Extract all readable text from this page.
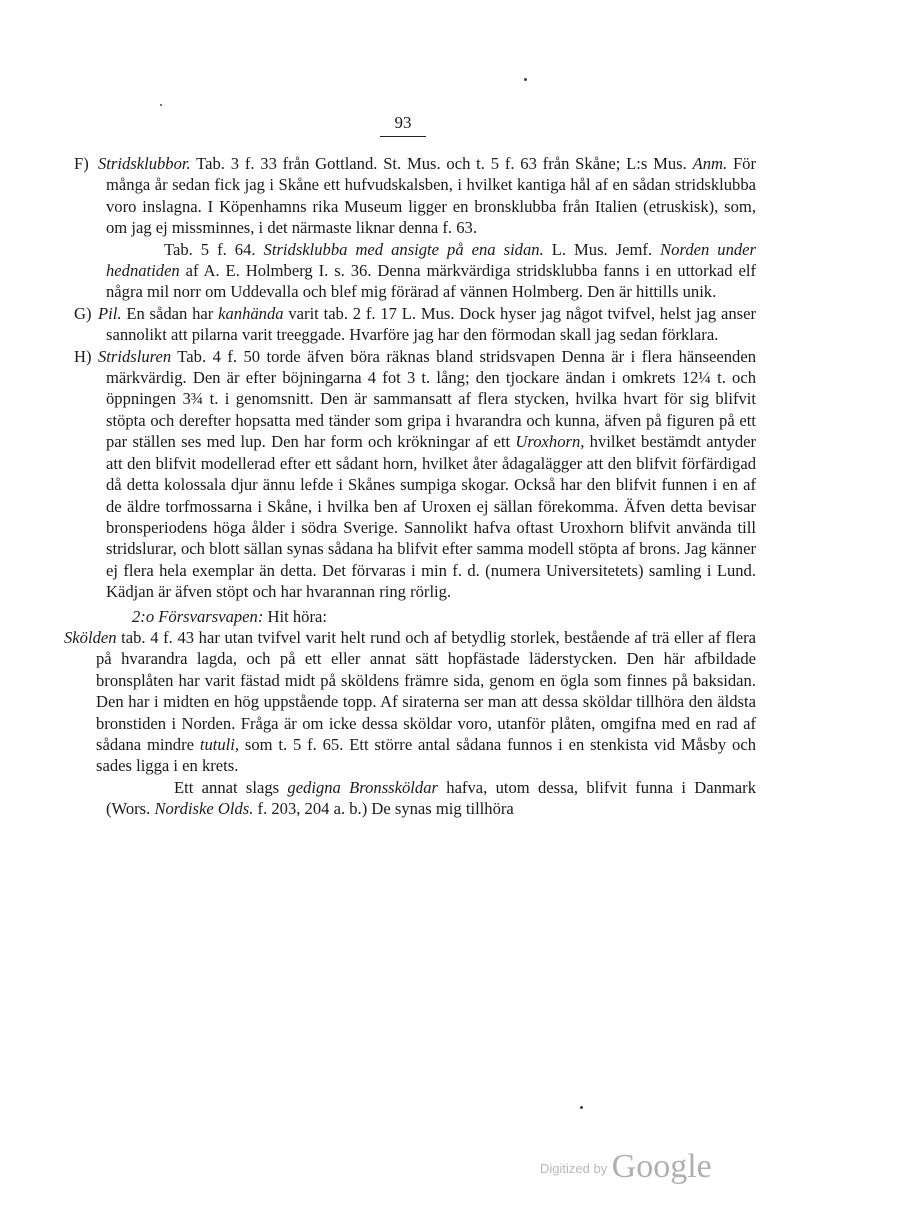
93

F) Stridsklubbor. Tab. 3 f. 33 från Gottland. St. Mus. och t. 5 f. 63 från Skåne; L:s Mus. Anm. För många år sedan fick jag i Skåne ett hufvudskalsben, i hvilket kantiga hål af en sådan stridsklubba voro inslagna. I Köpenhamns rika Museum ligger en bronsklubba från Italien (etruskisk), som, om jag ej missminnes, i det närmaste liknar denna f. 63.

Tab. 5 f. 64. Stridsklubba med ansigte på ena sidan. L. Mus. Jemf. Norden under hednatiden af A. E. Holmberg I. s. 36. Denna märkvärdiga stridsklubba fanns i en uttorkad elf några mil norr om Uddevalla och blef mig förärad af vännen Holmberg. Den är hittills unik.

G) Pil. En sådan har kanhända varit tab. 2 f. 17 L. Mus. Dock hyser jag något tvifvel, helst jag anser sannolikt att pilarna varit treeggade. Hvarföre jag har den förmodan skall jag sedan förklara.

H) Stridsluren Tab. 4 f. 50 torde äfven böra räknas bland stridsvapen Denna är i flera hänseenden märkvärdig. Den är efter böjningarna 4 fot 3 t. lång; den tjockare ändan i omkrets 12¼ t. och öppningen 3¾ t. i genomsnitt. Den är sammansatt af flera stycken, hvilka hvart för sig blifvit stöpta och derefter hopsatta med tänder som gripa i hvarandra och kunna, äfven på figuren på ett par ställen ses med lup. Den har form och krökningar af ett Uroxhorn, hvilket bestämdt antyder att den blifvit modellerad efter ett sådant horn, hvilket åter ådagalägger att den blifvit förfärdigad då detta kolossala djur ännu lefde i Skånes sumpiga skogar. Också har den blifvit funnen i en af de äldre torfmossarna i Skåne, i hvilka ben af Uroxen ej sällan förekomma. Äfven detta bevisar bronsperiodens höga ålder i södra Sverige. Sannolikt hafva oftast Uroxhorn blifvit använda till stridslurar, och blott sällan synas sådana ha blifvit efter samma modell stöpta af brons. Jag känner ej flera hela exemplar än detta. Det förvaras i min f. d. (numera Universitetets) samling i Lund. Kädjan är äfven stöpt och har hvarannan ring rörlig.

2:o Försvarsvapen: Hit höra:

Skölden tab. 4 f. 43 har utan tvifvel varit helt rund och af betydlig storlek, bestående af trä eller af flera på hvarandra lagda, och på ett eller annat sätt hopfästade läderstycken. Den här afbildade bronsplåten har varit fästad midt på sköldens främre sida, genom en ögla som finnes på baksidan. Den har i midten en hög uppstående topp. Af siraterna ser man att dessa sköldar tillhöra den äldsta bronstiden i Norden. Fråga är om icke dessa sköldar voro, utanför plåten, omgifna med en rad af sådana mindre tutuli, som t. 5 f. 65. Ett större antal sådana funnos i en stenkista vid Måsby och sades ligga i en krets.

Ett annat slags gedigna Bronssköldar hafva, utom dessa, blifvit funna i Danmark (Wors. Nordiske Olds. f. 203, 204 a. b.) De synas mig tillhöra

$^{Digitized by}$ Google
